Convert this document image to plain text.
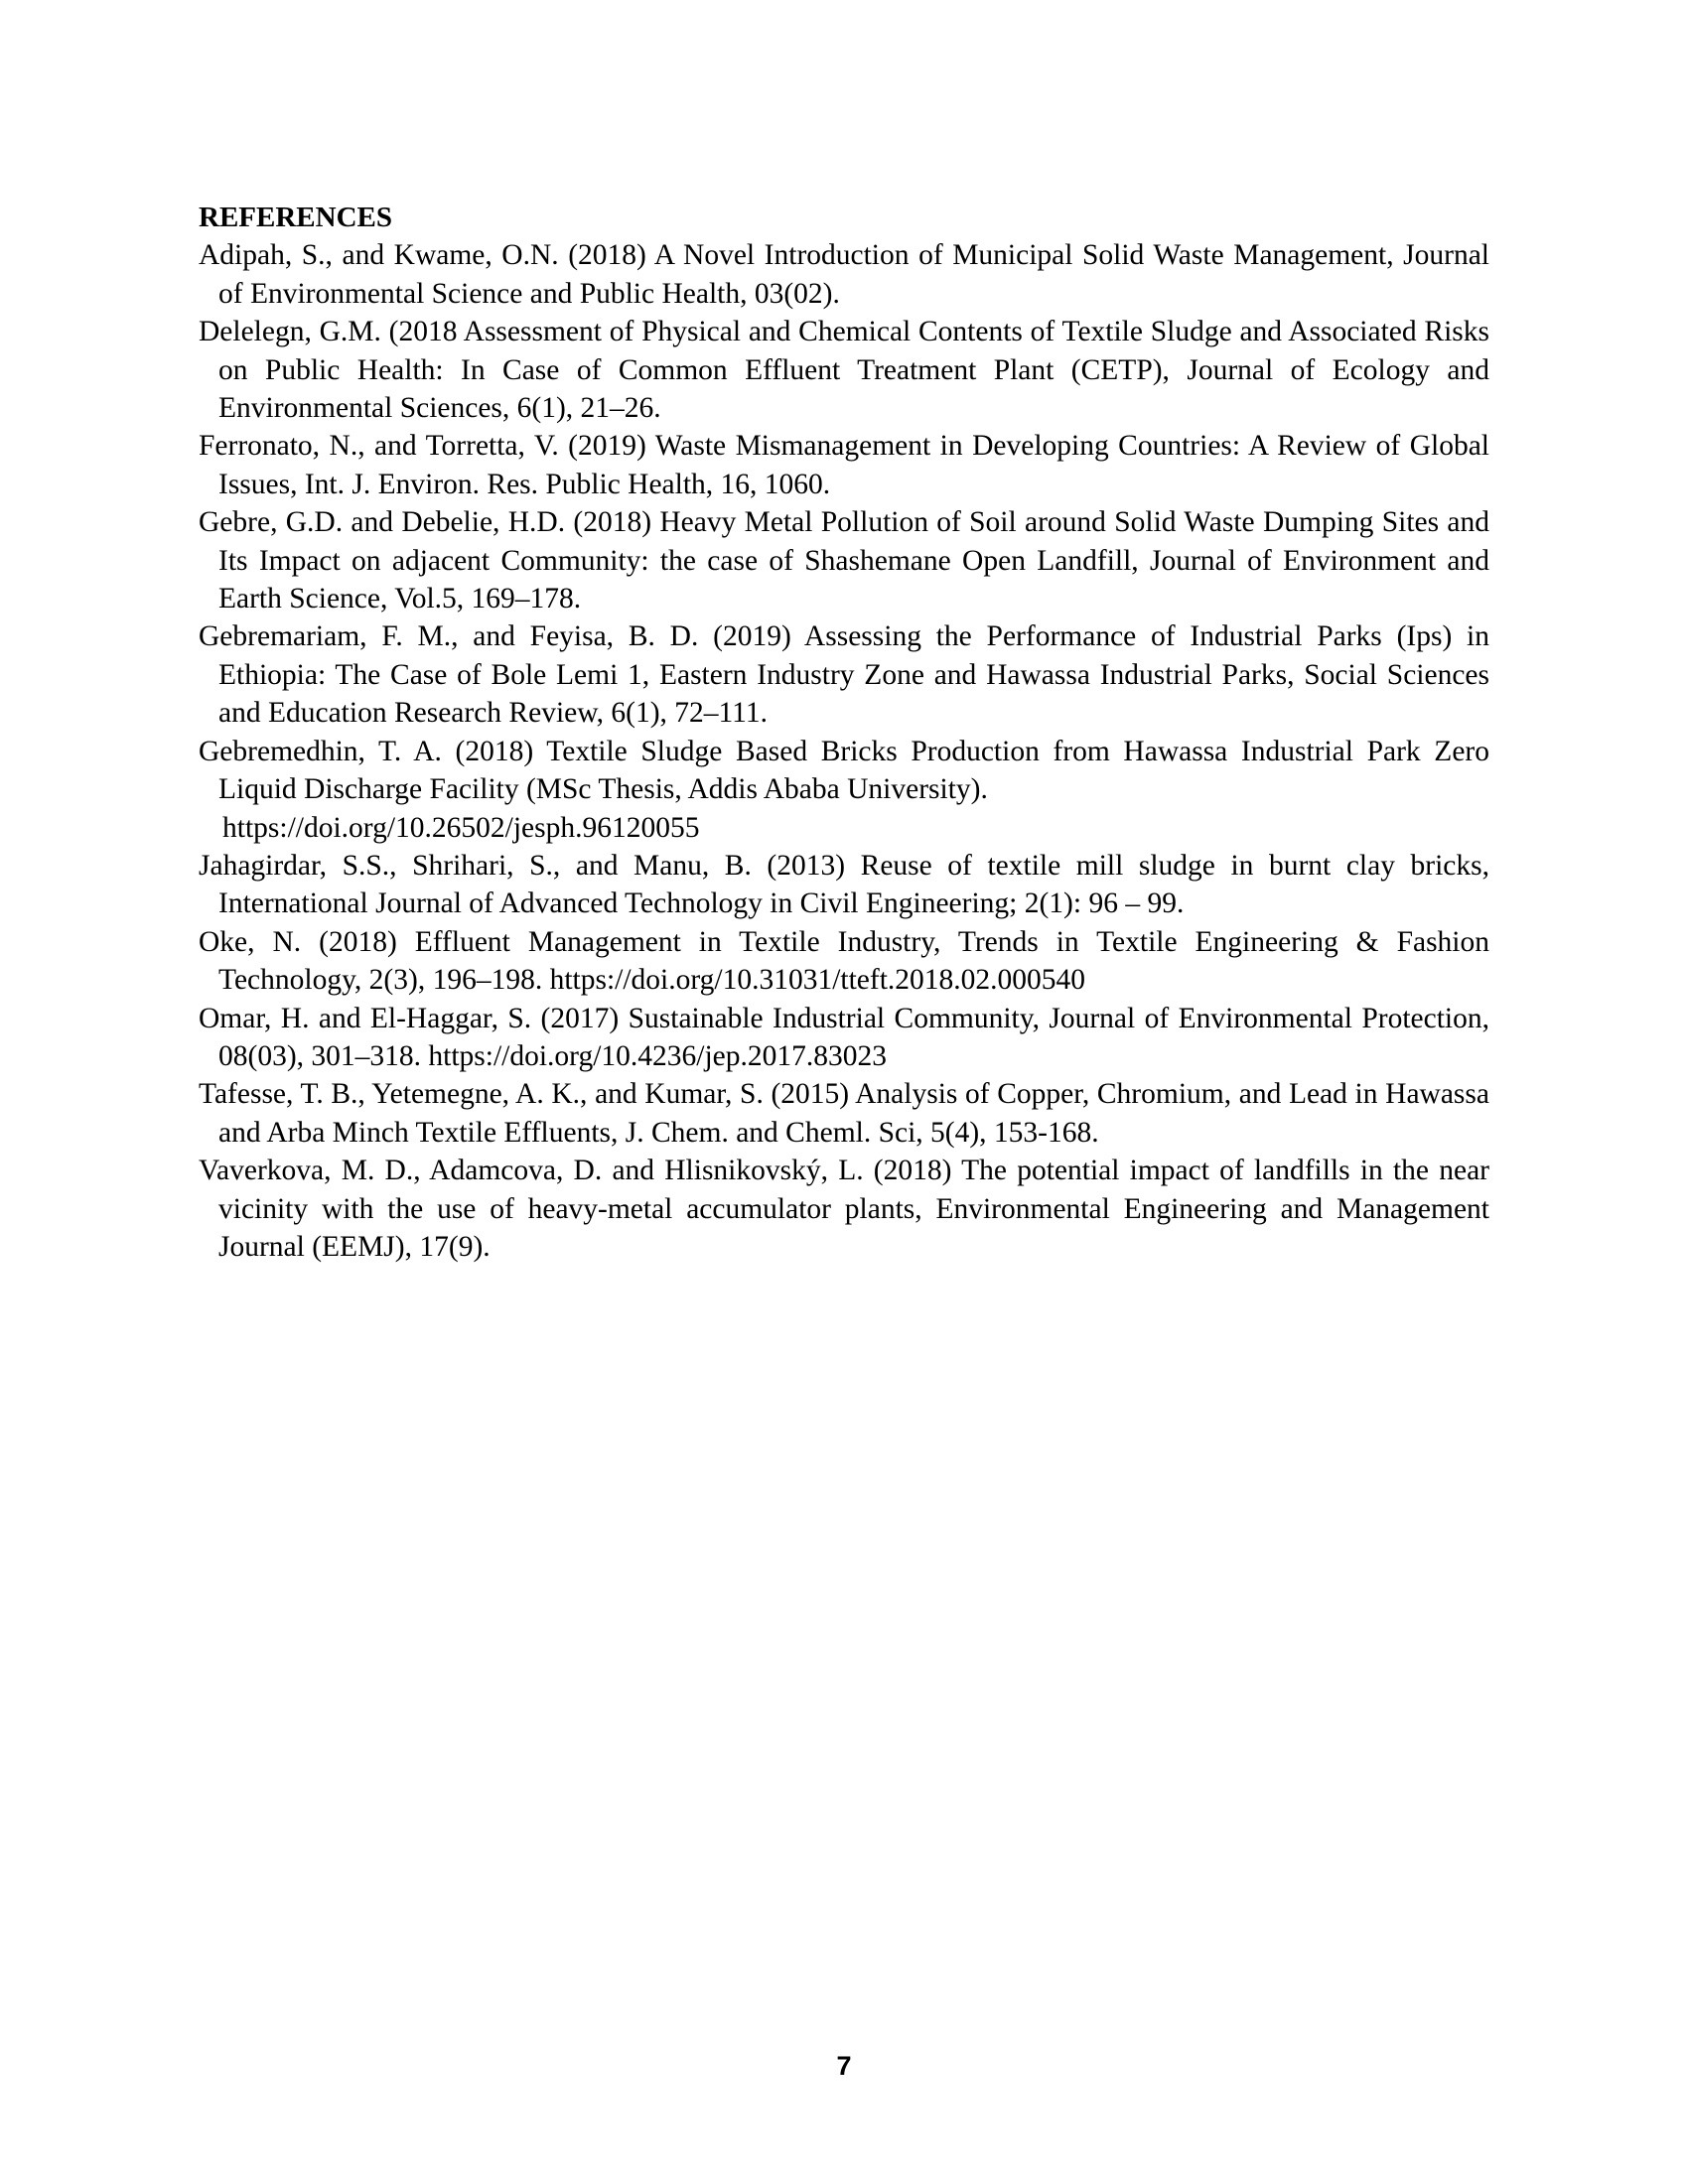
REFERENCES

Adipah, S., and Kwame, O.N. (2018) A Novel Introduction of Municipal Solid Waste Management, Journal of Environmental Science and Public Health, 03(02).

Delelegn, G.M. (2018 Assessment of Physical and Chemical Contents of Textile Sludge and Associated Risks on Public Health: In Case of Common Effluent Treatment Plant (CETP), Journal of Ecology and Environmental Sciences, 6(1), 21–26.

Ferronato, N., and Torretta, V. (2019) Waste Mismanagement in Developing Countries: A Review of Global Issues, Int. J. Environ. Res. Public Health, 16, 1060.

Gebre, G.D. and Debelie, H.D. (2018) Heavy Metal Pollution of Soil around Solid Waste Dumping Sites and Its Impact on adjacent Community: the case of Shashemane Open Landfill, Journal of Environment and Earth Science, Vol.5, 169–178.

Gebremariam, F. M., and Feyisa, B. D. (2019) Assessing the Performance of Industrial Parks (Ips) in Ethiopia: The Case of Bole Lemi 1, Eastern Industry Zone and Hawassa Industrial Parks, Social Sciences and Education Research Review, 6(1), 72–111.

Gebremedhin, T. A. (2018) Textile Sludge Based Bricks Production from Hawassa Industrial Park Zero Liquid Discharge Facility (MSc Thesis, Addis Ababa University).
https://doi.org/10.26502/jesph.96120055

Jahagirdar, S.S., Shrihari, S., and Manu, B. (2013) Reuse of textile mill sludge in burnt clay bricks, International Journal of Advanced Technology in Civil Engineering; 2(1): 96 – 99.

Oke, N. (2018) Effluent Management in Textile Industry, Trends in Textile Engineering & Fashion Technology, 2(3), 196–198. https://doi.org/10.31031/tteft.2018.02.000540

Omar, H. and El-Haggar, S. (2017) Sustainable Industrial Community, Journal of Environmental Protection, 08(03), 301–318. https://doi.org/10.4236/jep.2017.83023

Tafesse, T. B., Yetemegne, A. K., and Kumar, S. (2015) Analysis of Copper, Chromium, and Lead in Hawassa and Arba Minch Textile Effluents, J. Chem. and Cheml. Sci, 5(4), 153-168.

Vaverkova, M. D., Adamcova, D. and Hlisnikovský, L. (2018) The potential impact of landfills in the near vicinity with the use of heavy-metal accumulator plants, Environmental Engineering and Management Journal (EEMJ), 17(9).

7
